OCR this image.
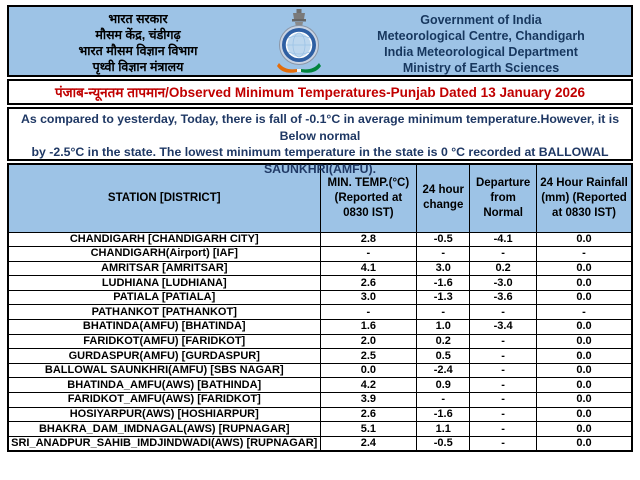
भारत सरकार
मौसम केंद्र, चंडीगढ़
भारत मौसम विज्ञान विभाग
पृथ्वी विज्ञान मंत्रालय
Government of India
Meteorological Centre, Chandigarh
India Meteorological Department
Ministry of Earth Sciences
पंजाब-न्यूनतम तापमान/Observed Minimum Temperatures-Punjab Dated 13 January 2026
As compared to yesterday, Today, there is fall of -0.1°C in average minimum temperature.However, it is Below normal
by -2.5°C in the state. The lowest minimum temperature in the state is 0 °C recorded at BALLOWAL
SAUNKHRI(AMFU).
STATION [DISTRICT]

MIN. TEMP.(°C)
(Reported at
0830 IST)

24 hour
change

Departure
from
Normal

24 Hour Rainfall
(mm) (Reported
at 0830 IST)

CHANDIGARH [CHANDIGARH CITY]	2.8	-0.5	-4.1	0.0
CHANDIGARH(Airport) [IAF]	-	-	-	-
AMRITSAR [AMRITSAR]	4.1	3.0	0.2	0.0
LUDHIANA [LUDHIANA]	2.6	-1.6	-3.0	0.0
PATIALA [PATIALA]	3.0	-1.3	-3.6	0.0
PATHANKOT [PATHANKOT]	-	-	-	-
BHATINDA(AMFU) [BHATINDA]	1.6	1.0	-3.4	0.0
FARIDKOT(AMFU) [FARIDKOT]	2.0	0.2	-	0.0
GURDASPUR(AMFU) [GURDASPUR]	2.5	0.5	-	0.0
BALLOWAL SAUNKHRI(AMFU) [SBS NAGAR]	0.0	-2.4	-	0.0
BHATINDA_AMFU(AWS) [BATHINDA]	4.2	0.9	-	0.0
FARIDKOT_AMFU(AWS) [FARIDKOT]	3.9	-	-	0.0
HOSIYARPUR(AWS) [HOSHIARPUR]	2.6	-1.6	-	0.0
BHAKRA_DAM_IMDNAGAL(AWS) [RUPNAGAR]	5.1	1.1	-	0.0
SRI_ANADPUR_SAHIB_IMDJINDWADI(AWS) [RUPNAGAR]	2.4	-0.5	-	0.0
